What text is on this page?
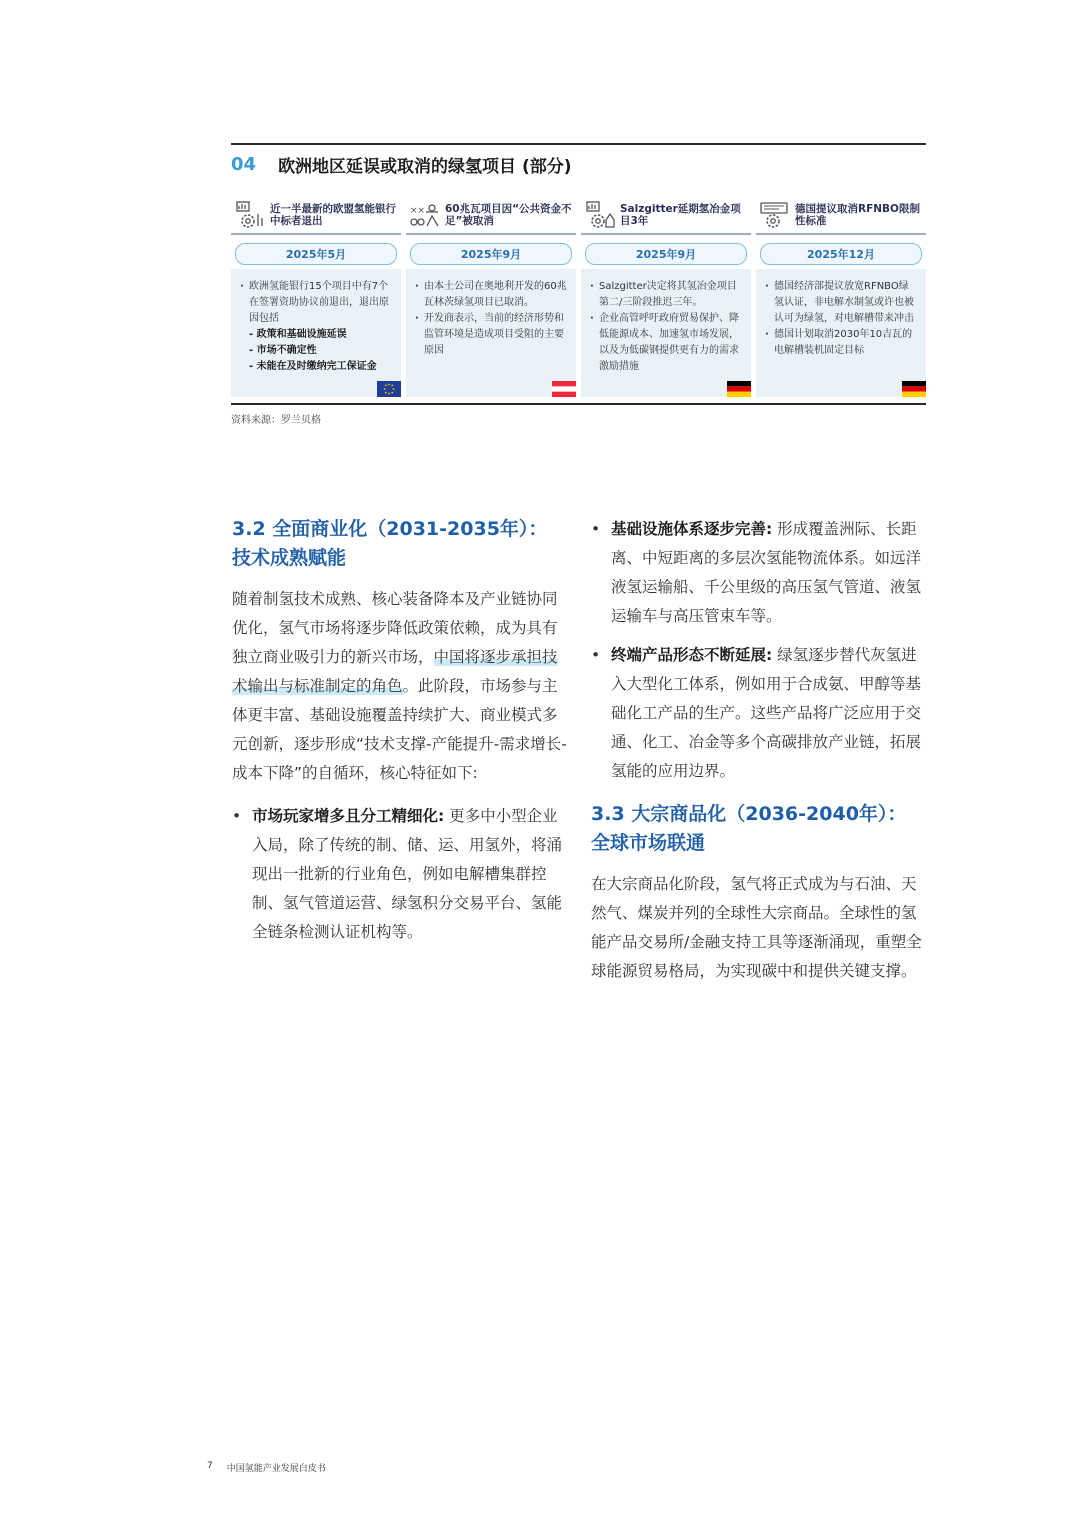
04 欧洲地区延误或取消的绿氢项目 (部分)
近一半最新的欧盟氢能银行中标者退出
2025年5月
· 欧洲氢能银行15个项目中有7个在签署资助协议前退出，退出原因包括
- 政策和基础设施延误
- 市场不确定性
- 未能在及时缴纳完工保证金
×× 60兆瓦项目因“公共资金不足”被取消
2025年9月
· 由本土公司在奥地利开发的60兆瓦林茨绿氢项目已取消。
· 开发商表示，当前的经济形势和监管环境是造成项目受阻的主要原因
Salzgitter延期氢冶金项目3年
2025年9月
· Salzgitter决定将其氢冶金项目第二/三阶段推迟三年。
· 企业高管呼吁政府贸易保护、降低能源成本、加速氢市场发展，以及为低碳钢提供更有力的需求激励措施
德国提议取消RFNBO限制性标准
2025年12月
· 德国经济部提议放宽RFNBO绿氢认证，非电解水制氢或许也被认可为绿氢，对电解槽带来冲击
· 德国计划取消2030年10吉瓦的电解槽装机固定目标
资料来源：罗兰贝格
3.2 全面商业化（2031-2035年）：
技术成熟赋能

随着制氢技术成熟、核心装备降本及产业链协同优化，氢气市场将逐步降低政策依赖，成为具有独立商业吸引力的新兴市场，中国将逐步承担技术输出与标准制定的角色。此阶段，市场参与主体更丰富、基础设施覆盖持续扩大、商业模式多元创新，逐步形成“技术支撑-产能提升-需求增长-成本下降”的自循环，核心特征如下:

• 市场玩家增多且分工精细化: 更多中小型企业入局，除了传统的制、储、运、用氢外，将涌现出一批新的行业角色，例如电解槽集群控制、氢气管道运营、绿氢积分交易平台、氢能全链条检测认证机构等。

• 基础设施体系逐步完善: 形成覆盖洲际、长距离、中短距离的多层次氢能物流体系。如远洋液氢运输船、千公里级的高压氢气管道、液氢运输车与高压管束车等。

• 终端产品形态不断延展: 绿氢逐步替代灰氢进入大型化工体系，例如用于合成氨、甲醇等基础化工产品的生产。这些产品将广泛应用于交通、化工、冶金等多个高碳排放产业链，拓展氢能的应用边界。

3.3 大宗商品化（2036-2040年）：
全球市场联通

在大宗商品化阶段，氢气将正式成为与石油、天然气、煤炭并列的全球性大宗商品。全球性的氢能产品交易所/金融支持工具等逐渐涌现，重塑全球能源贸易格局，为实现碳中和提供关键支撑。

7 中国氢能产业发展白皮书
